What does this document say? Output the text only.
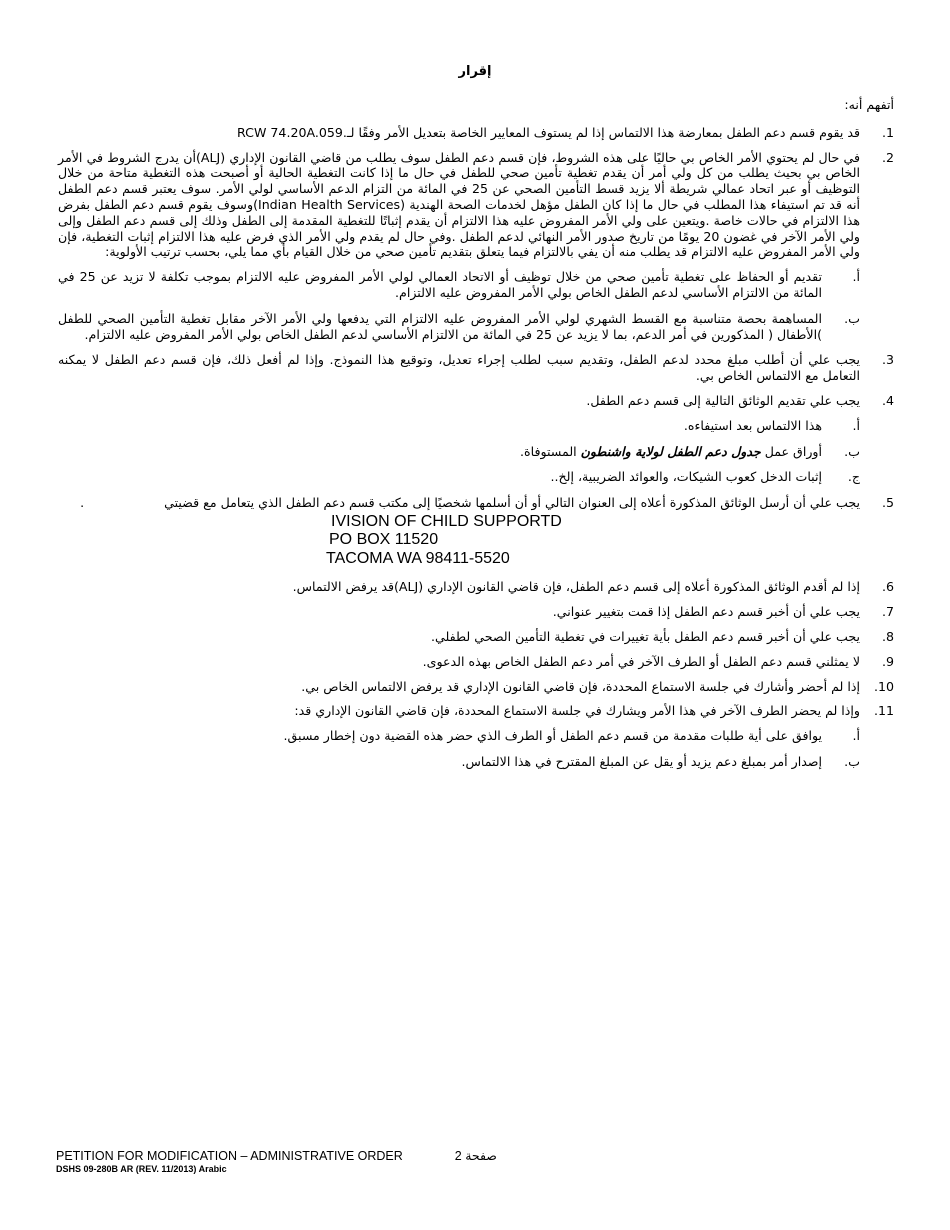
إقرار

أتفهم أنه:

1.
قد يقوم قسم دعم الطفل بمعارضة هذا الالتماس إذا لم يستوف المعايير الخاصة بتعديل الأمر وفقًا لـ.RCW 74.20A.059
2.
في حال لم يحتوي الأمر الخاص بي حاليًا على هذه الشروط، فإن قسم دعم الطفل سوف يطلب من قاضي القانون الإداري (ALJ)أن يدرج الشروط في الأمر الخاص بي بحيث يطلب من كل ولي أمر أن يقدم تغطية تأمين صحي للطفل في حال ما إذا كانت التغطية الحالية أو أصبحت هذه التغطية متاحة من خلال التوظيف أو عبر اتحاد عمالي شريطة ألا يزيد قسط التأمين الصحي عن 25 في المائة من التزام الدعم الأساسي لولي الأمر. سوف يعتبر قسم دعم الطفل أنه قد تم استيفاء هذا المطلب في حال ما إذا كان الطفل مؤهل لخدمات الصحة الهندية (Indian Health Services)وسوف يقوم قسم دعم الطفل بفرض هذا الالتزام في حالات خاصة .ويتعين على ولي الأمر المفروض عليه هذا الالتزام أن يقدم إثباتًا للتغطية المقدمة إلى الطفل وذلك إلى قسم دعم الطفل وإلى ولي الأمر الآخر في غضون 20 يومًا من تاريخ صدور الأمر النهائي لدعم الطفل .وفي حال لم يقدم ولي الأمر الذي فرض عليه هذا الالتزام إثبات التغطية، فإن ولي الأمر المفروض عليه الالتزام قد يطلب منه أن يفي بالالتزام فيما يتعلق بتقديم تأمين صحي من خلال القيام بأي مما يلي، بحسب ترتيب الأولوية:
أ.
تقديم أو الحفاظ على تغطية تأمين صحي من خلال توظيف أو الاتحاد العمالي لولي الأمر المفروض عليه الالتزام بموجب تكلفة لا تزيد عن 25 في المائة من الالتزام الأساسي لدعم الطفل الخاص بولي الأمر المفروض عليه الالتزام.
ب.
المساهمة بحصة متناسبة مع القسط الشهري لولي الأمر المفروض عليه الالتزام التي يدفعها ولي الأمر الآخر مقابل تغطية التأمين الصحي للطفل )الأطفال ( المذكورين في أمر الدعم، بما لا يزيد عن 25 في المائة من الالتزام الأساسي لدعم الطفل الخاص بولي الأمر المفروض عليه الالتزام.
3.
يجب علي أن أطلب مبلغ محدد لدعم الطفل، وتقديم سبب لطلب إجراء تعديل، وتوقيع هذا النموذج. وإذا لم أفعل ذلك، فإن قسم دعم الطفل لا يمكنه التعامل مع الالتماس الخاص بي.
4.
يجب علي تقديم الوثائق التالية إلى قسم دعم الطفل.
أ.
هذا الالتماس بعد استيفاءه.
ب.
أوراق عمل جدول دعم الطفل لولاية واشنطون المستوفاة.
ج.
إثبات الدخل كعوب الشيكات، والعوائد الضريبية، إلخ..
5.
يجب علي أن أرسل الوثائق المذكورة أعلاه إلى العنوان التالي أو أن أسلمها شخصيًا إلى مكتب قسم دعم الطفل الذي يتعامل مع قضيتي.
IVISION OF CHILD SUPPORTD
PO BOX 11520
TACOMA WA 98411-5520
6.
إذا لم أقدم الوثائق المذكورة أعلاه إلى قسم دعم الطفل، فإن قاضي القانون الإداري (ALJ)قد يرفض الالتماس.
7.
يجب علي أن أخبر قسم دعم الطفل إذا قمت بتغيير عنواني.
8.
يجب علي أن أخبر قسم دعم الطفل بأية تغييرات في تغطية التأمين الصحي لطفلي.
9.
لا يمثلني قسم دعم الطفل أو الطرف الآخر في أمر دعم الطفل الخاص بهذه الدعوى.
10.
إذا لم أحضر وأشارك في جلسة الاستماع المحددة، فإن قاضي القانون الإداري قد يرفض الالتماس الخاص بي.
11.
وإذا لم يحضر الطرف الآخر في هذا الأمر ويشارك في جلسة الاستماع المحددة، فإن قاضي القانون الإداري قد:
أ.
يوافق على أية طلبات مقدمة من قسم دعم الطفل أو الطرف الذي حضر هذه القضية دون إخطار مسبق.
ب.
إصدار أمر بمبلغ دعم يزيد أو يقل عن المبلغ المقترح في هذا الالتماس.
PETITION FOR MODIFICATION – ADMINISTRATIVE ORDER	صفحة 2
DSHS 09-280B AR (REV. 11/2013) Arabic
